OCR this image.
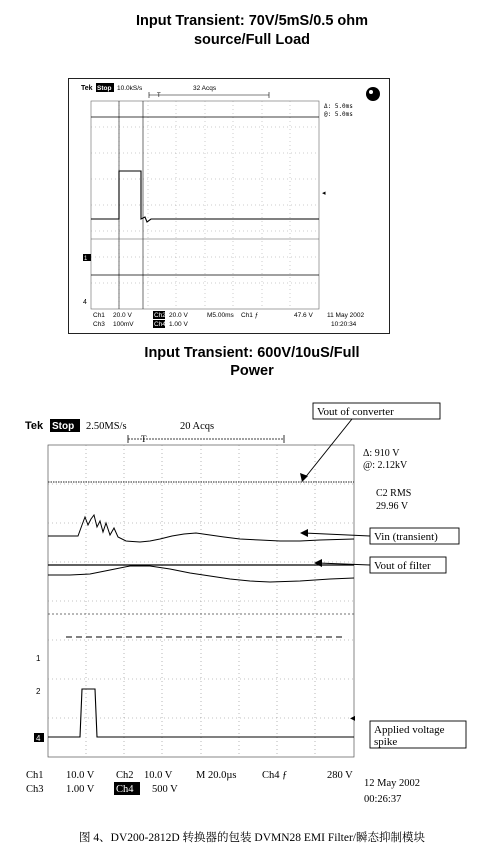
Input Transient: 70V/5mS/0.5 ohm
source/Full Load
Tek Stop 10.0kS/s	32 Acqs
T
Δ: 5.0ms
@: 5.0ms
1
4
◂
Ch1 20.0 V	Ch2 20.0 V	M5.00ms Ch1 ƒ	47.6 V
Ch3 100mV	Ch4 1.00 V
11 May 2002
10:20:34
Input Transient: 600V/10uS/Full
Power
Tek Stop 2.50MS/s	20 Acqs
T
1
2
4
◂
Δ: 910 V
@: 2.12kV
C2 RMS
29.96 V
Vout of converter
Vin (transient)
Vout of filter
Applied voltage
spike
Ch1 10.0 V Ch2 10.0 V M 20.0µs Ch4 ƒ	280 V
Ch3 1.00 V Ch4 500 V
12 May 2002
00:26:37
图 4、DV200-2812D 转换器的包装 DVMN28 EMI Filter/瞬态抑制模块
